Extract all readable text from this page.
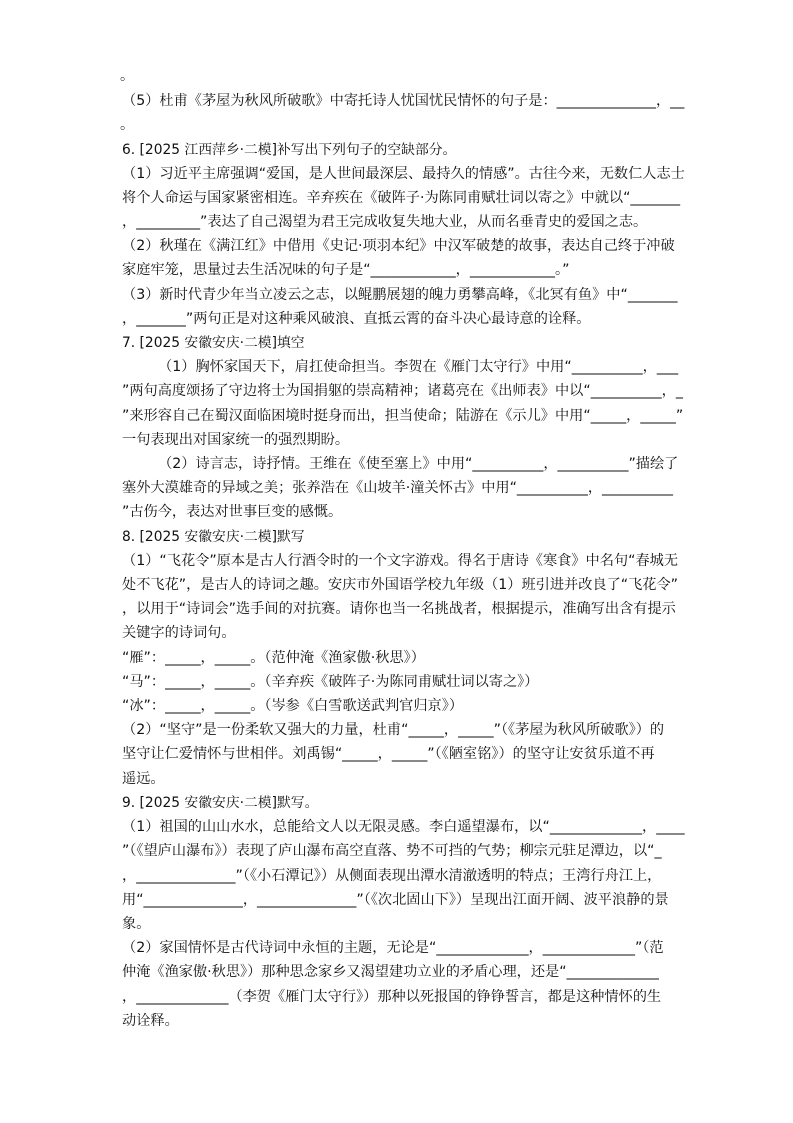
。
（5）杜甫《茅屋为秋风所破歌》中寄托诗人忧国忧民情怀的句子是：______________，__
。
6. [2025 江西萍乡·二模]补写出下列句子的空缺部分。
（1）习近平主席强调“爱国，是人世间最深层、最持久的情感”。古往今来，无数仁人志士
将个人命运与国家紧密相连。辛弃疾在《破阵子·为陈同甫赋壮词以寄之》中就以“_______
，_________”表达了自己渴望为君王完成收复失地大业，从而名垂青史的爱国之志。
（2）秋瑾在《满江红》中借用《史记·项羽本纪》中汉军破楚的故事，表达自己终于冲破
家庭牢笼，思量过去生活况味的句子是“____________，____________。”
（3）新时代青少年当立凌云之志，以鲲鹏展翅的魄力勇攀高峰，《北冥有鱼》中“_______
，_______”两句正是对这种乘风破浪、直抵云霄的奋斗决心最诗意的诠释。
7. [2025 安徽安庆·二模]填空
（1）胸怀家国天下，肩扛使命担当。李贺在《雁门太守行》中用“__________，___
”两句高度颂扬了守边将士为国捐躯的崇高精神；诸葛亮在《出师表》中以“__________，_
”来形容自己在蜀汉面临困境时挺身而出，担当使命；陆游在《示儿》中用“_____，_____”
一句表现出对国家统一的强烈期盼。
（2）诗言志，诗抒情。王维在《使至塞上》中用“__________，__________”描绘了
塞外大漠雄奇的异域之美；张养浩在《山坡羊·潼关怀古》中用“__________，__________
”古伤今，表达对世事巨变的感慨。
8. [2025 安徽安庆·二模]默写
（1）“飞花令”原本是古人行酒令时的一个文字游戏。得名于唐诗《寒食》中名句“春城无
处不飞花”，是古人的诗词之趣。安庆市外国语学校九年级（1）班引进并改良了“飞花令”
，以用于“诗词会”选手间的对抗赛。请你也当一名挑战者，根据提示，准确写出含有提示
关键字的诗词句。
“雁”：_____，_____。（范仲淹《渔家傲·秋思》）
“马”：_____，_____。（辛弃疾《破阵子·为陈同甫赋壮词以寄之》）
“冰”：_____，_____。（岑参《白雪歌送武判官归京》）
（2）“坚守”是一份柔软又强大的力量，杜甫“_____，_____”（《茅屋为秋风所破歌》）的
坚守让仁爱情怀与世相伴。刘禹锡“_____，_____”（《陋室铭》）的坚守让安贫乐道不再
遥远。
9. [2025 安徽安庆·二模]默写。
（1）祖国的山山水水，总能给文人以无限灵感。李白遥望瀑布，以“_____________，____
”（《望庐山瀑布》）表现了庐山瀑布高空直落、势不可挡的气势；柳宗元驻足潭边，以“_
，______________”（《小石潭记》）从侧面表现出潭水清澈透明的特点；王湾行舟江上，
用“______________，______________”（《次北固山下》）呈现出江面开阔、波平浪静的景
象。
（2）家国情怀是古代诗词中永恒的主题，无论是“_____________，_____________”（范
仲淹《渔家傲·秋思》）那种思念家乡又渴望建功立业的矛盾心理，还是“_____________
，_____________（李贺《雁门太守行》）那种以死报国的铮铮誓言，都是这种情怀的生
动诠释。
